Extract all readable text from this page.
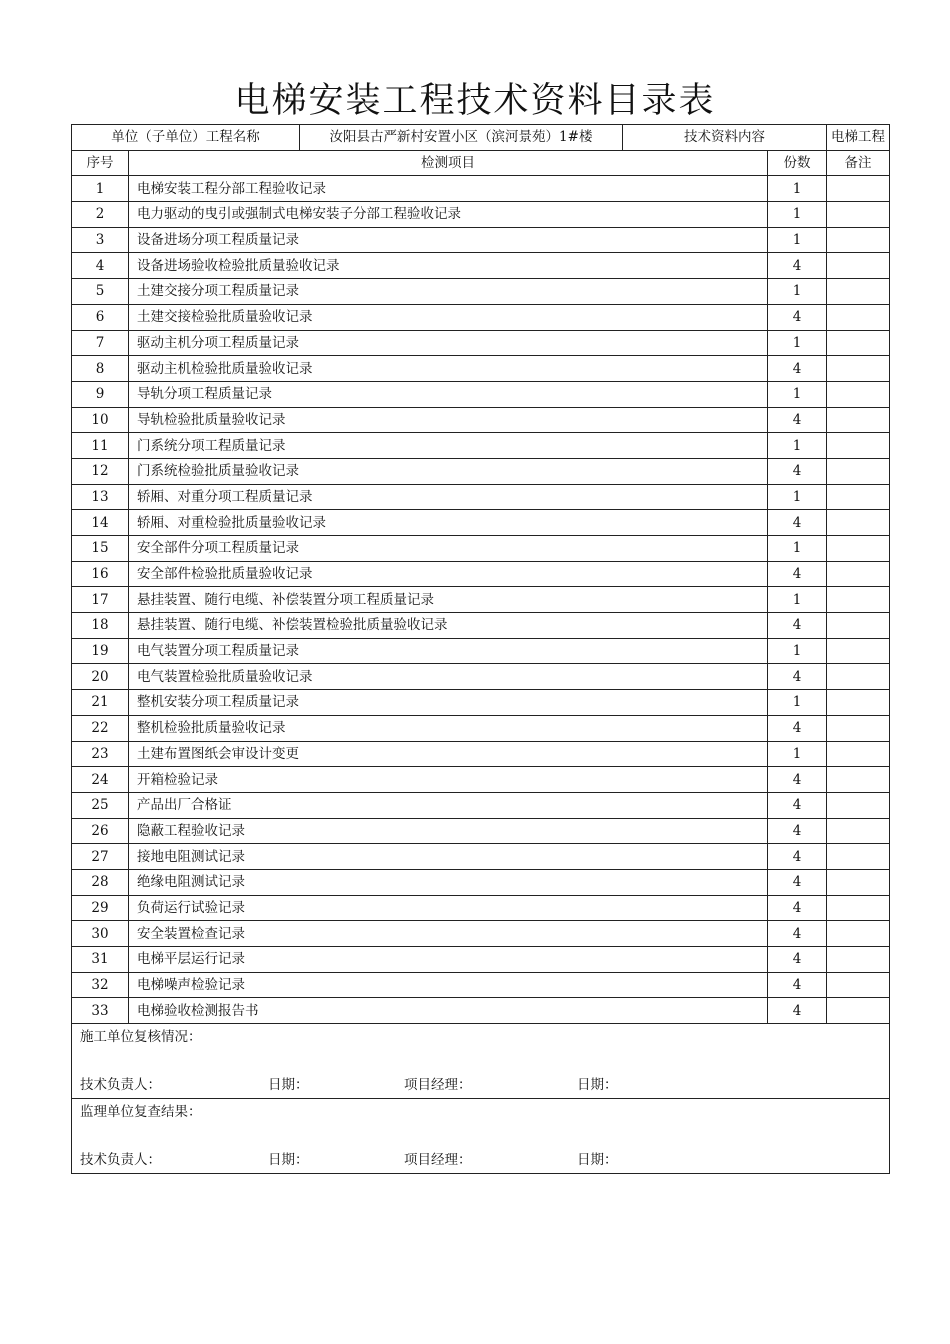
电梯安装工程技术资料目录表
单位（子单位）工程名称		汝阳县古严新村安置小区（滨河景苑）1#楼	技术资料内容		电梯工程
序号	检测项目			份数	备注
1	电梯安装工程分部工程验收记录			1	
2	电力驱动的曳引或强制式电梯安装子分部工程验收记录			1	
3	设备进场分项工程质量记录			1	
4	设备进场验收检验批质量验收记录			4	
5	土建交接分项工程质量记录			1	
6	土建交接检验批质量验收记录			4	
7	驱动主机分项工程质量记录			1	
8	驱动主机检验批质量验收记录			4	
9	导轨分项工程质量记录			1	
10	导轨检验批质量验收记录			4	
11	门系统分项工程质量记录			1	
12	门系统检验批质量验收记录			4	
13	轿厢、对重分项工程质量记录			1	
14	轿厢、对重检验批质量验收记录			4	
15	安全部件分项工程质量记录			1	
16	安全部件检验批质量验收记录			4	
17	悬挂装置、随行电缆、补偿装置分项工程质量记录			1	
18	悬挂装置、随行电缆、补偿装置检验批质量验收记录			4	
19	电气装置分项工程质量记录			1	
20	电气装置检验批质量验收记录			4	
21	整机安装分项工程质量记录			1	
22	整机检验批质量验收记录			4	
23	土建布置图纸会审设计变更			1	
24	开箱检验记录			4	
25	产品出厂合格证			4	
26	隐蔽工程验收记录			4	
27	接地电阻测试记录			4	
28	绝缘电阻测试记录			4	
29	负荷运行试验记录			4	
30	安全装置检查记录			4	
31	电梯平层运行记录			4	
32	电梯噪声检验记录			4	
33	电梯验收检测报告书			4	

施工单位复核情况：
技术负责人： 日期： 项目经理： 日期：					

监理单位复查结果：
技术负责人： 日期： 项目经理： 日期：					
